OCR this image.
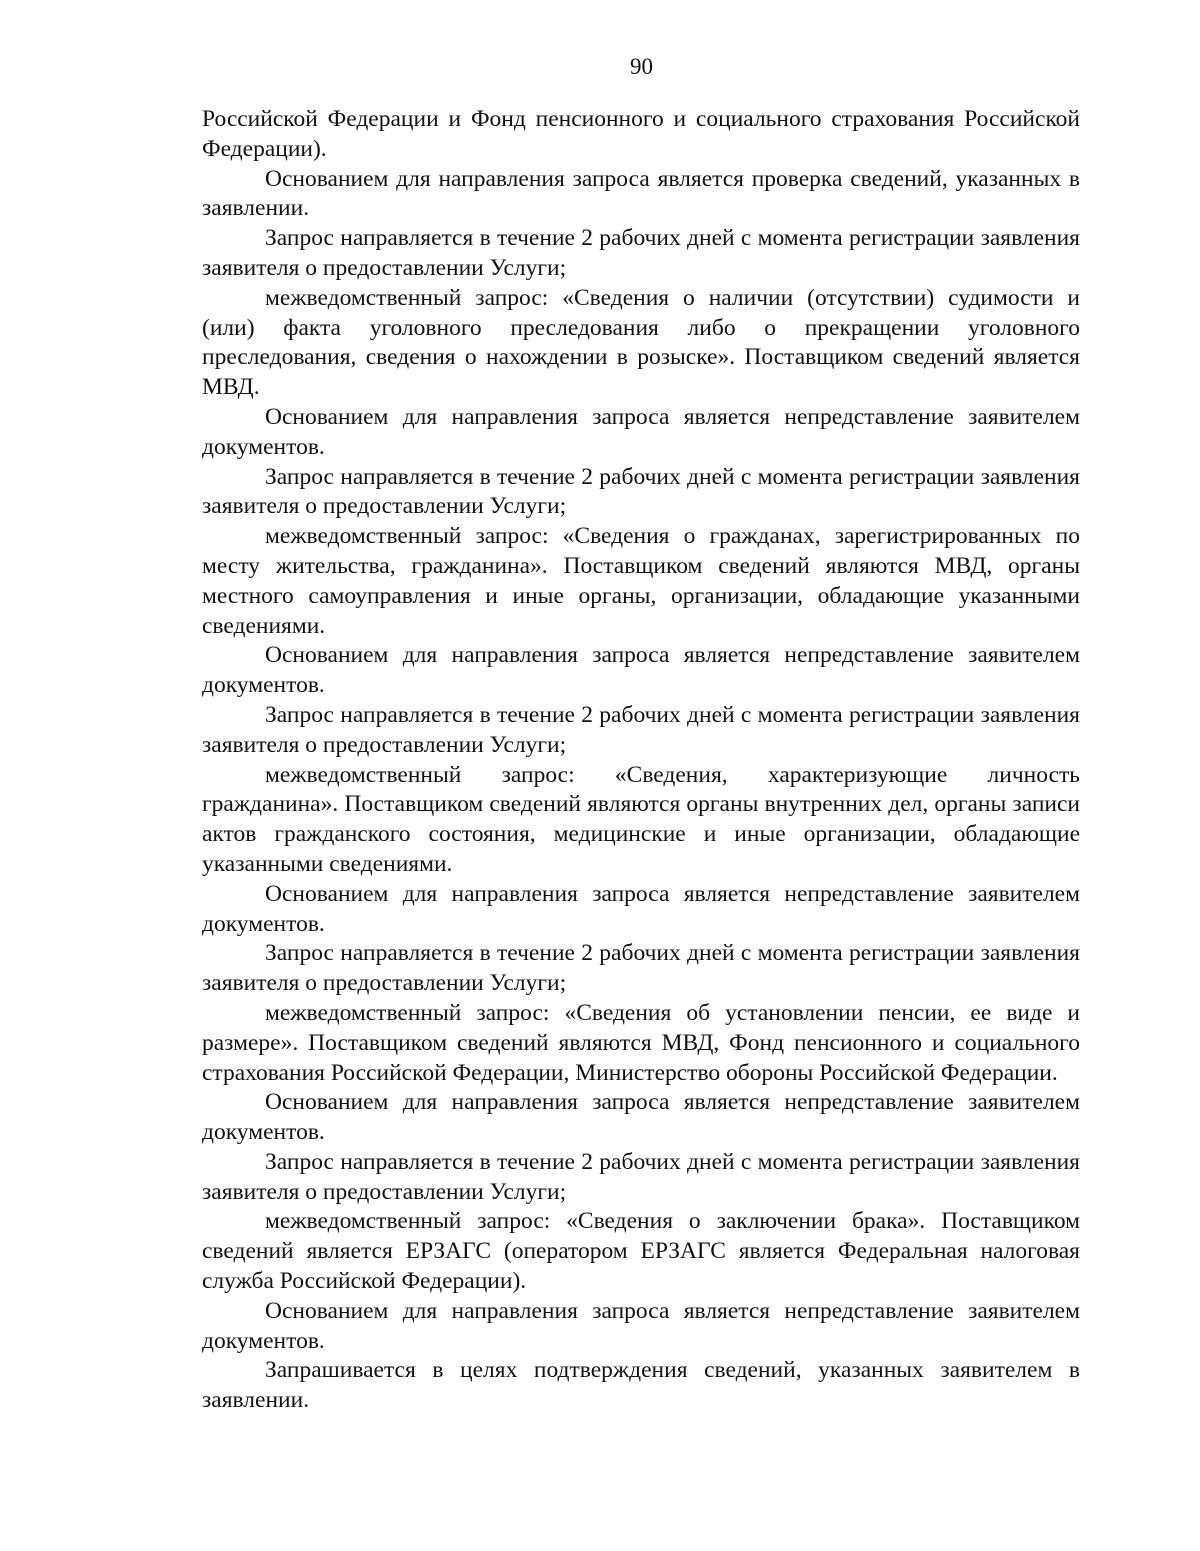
90

Российской Федерации и Фонд пенсионного и социального страхования Российской Федерации).

Основанием для направления запроса является проверка сведений, указанных в заявлении.

Запрос направляется в течение 2 рабочих дней с момента регистрации заявления заявителя о предоставлении Услуги;

межведомственный запрос: «Сведения о наличии (отсутствии) судимости и (или) факта уголовного преследования либо о прекращении уголовного преследования, сведения о нахождении в розыске». Поставщиком сведений является МВД.

Основанием для направления запроса является непредставление заявителем документов.

Запрос направляется в течение 2 рабочих дней с момента регистрации заявления заявителя о предоставлении Услуги;

межведомственный запрос: «Сведения о гражданах, зарегистрированных по месту жительства, гражданина». Поставщиком сведений являются МВД, органы местного самоуправления и иные органы, организации, обладающие указанными сведениями.

Основанием для направления запроса является непредставление заявителем документов.

Запрос направляется в течение 2 рабочих дней с момента регистрации заявления заявителя о предоставлении Услуги;

межведомственный запрос: «Сведения, характеризующие личность гражданина». Поставщиком сведений являются органы внутренних дел, органы записи актов гражданского состояния, медицинские и иные организации, обладающие указанными сведениями.

Основанием для направления запроса является непредставление заявителем документов.

Запрос направляется в течение 2 рабочих дней с момента регистрации заявления заявителя о предоставлении Услуги;

межведомственный запрос: «Сведения об установлении пенсии, ее виде и размере». Поставщиком сведений являются МВД, Фонд пенсионного и социального страхования Российской Федерации, Министерство обороны Российской Федерации.

Основанием для направления запроса является непредставление заявителем документов.

Запрос направляется в течение 2 рабочих дней с момента регистрации заявления заявителя о предоставлении Услуги;

межведомственный запрос: «Сведения о заключении брака». Поставщиком сведений является ЕРЗАГС (оператором ЕРЗАГС является Федеральная налоговая служба Российской Федерации).

Основанием для направления запроса является непредставление заявителем документов.

Запрашивается в целях подтверждения сведений, указанных заявителем в заявлении.
